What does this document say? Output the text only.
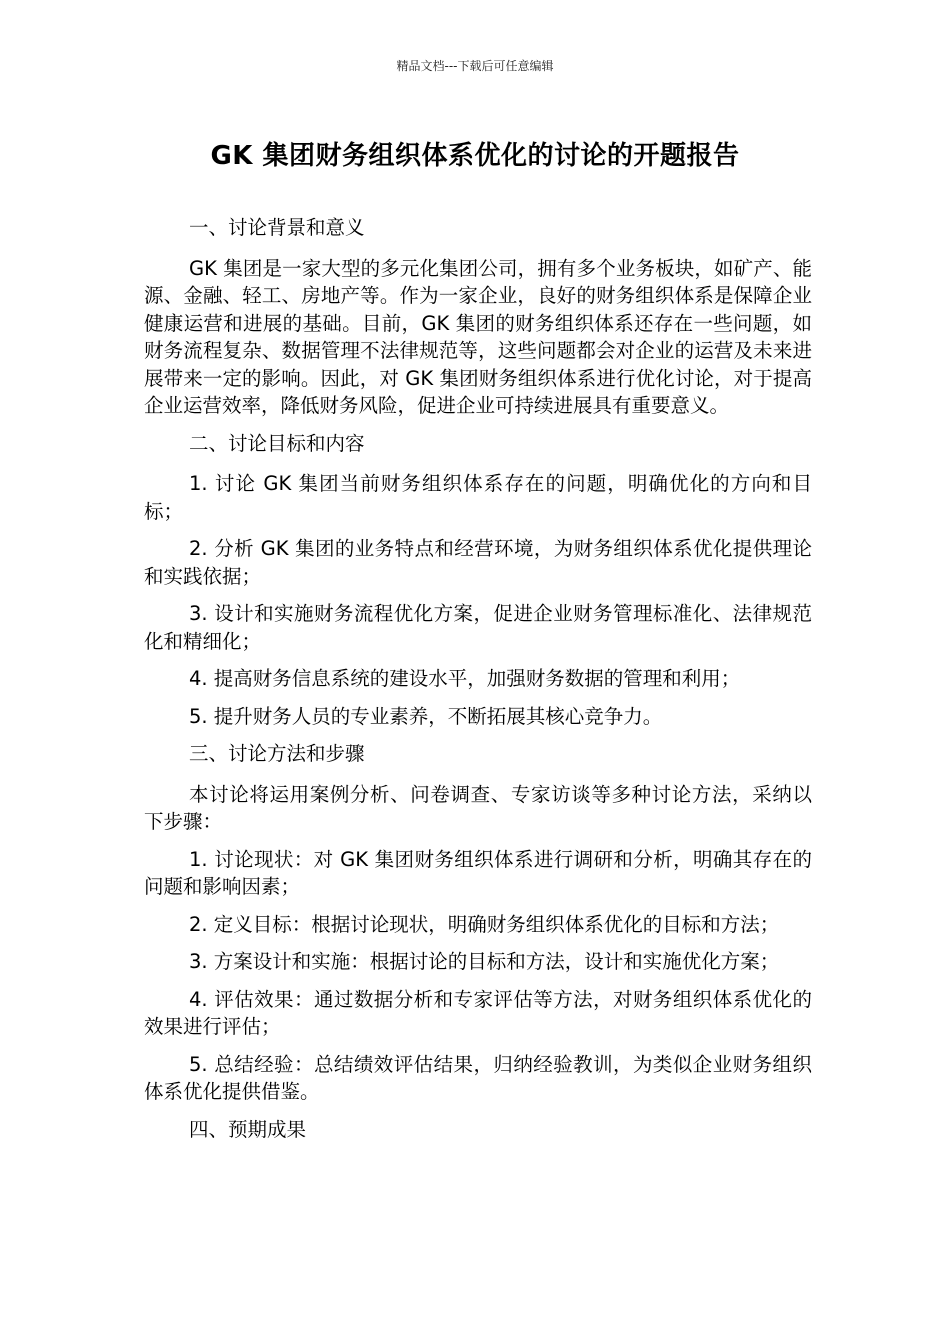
精品文档---下载后可任意编辑
GK 集团财务组织体系优化的讨论的开题报告

一、讨论背景和意义

GK 集团是一家大型的多元化集团公司，拥有多个业务板块，如矿产、能源、金融、轻工、房地产等。作为一家企业，良好的财务组织体系是保障企业健康运营和进展的基础。目前，GK 集团的财务组织体系还存在一些问题，如财务流程复杂、数据管理不法律规范等，这些问题都会对企业的运营及未来进展带来一定的影响。因此，对 GK 集团财务组织体系进行优化讨论，对于提高企业运营效率，降低财务风险，促进企业可持续进展具有重要意义。

二、讨论目标和内容

1. 讨论 GK 集团当前财务组织体系存在的问题，明确优化的方向和目标；

2. 分析 GK 集团的业务特点和经营环境，为财务组织体系优化提供理论和实践依据；

3. 设计和实施财务流程优化方案，促进企业财务管理标准化、法律规范化和精细化；

4. 提高财务信息系统的建设水平，加强财务数据的管理和利用；

5. 提升财务人员的专业素养，不断拓展其核心竞争力。

三、讨论方法和步骤

本讨论将运用案例分析、问卷调查、专家访谈等多种讨论方法，采纳以下步骤：

1. 讨论现状：对 GK 集团财务组织体系进行调研和分析，明确其存在的问题和影响因素；

2. 定义目标：根据讨论现状，明确财务组织体系优化的目标和方法；

3. 方案设计和实施：根据讨论的目标和方法，设计和实施优化方案；

4. 评估效果：通过数据分析和专家评估等方法，对财务组织体系优化的效果进行评估；

5. 总结经验：总结绩效评估结果，归纳经验教训，为类似企业财务组织体系优化提供借鉴。

四、预期成果
